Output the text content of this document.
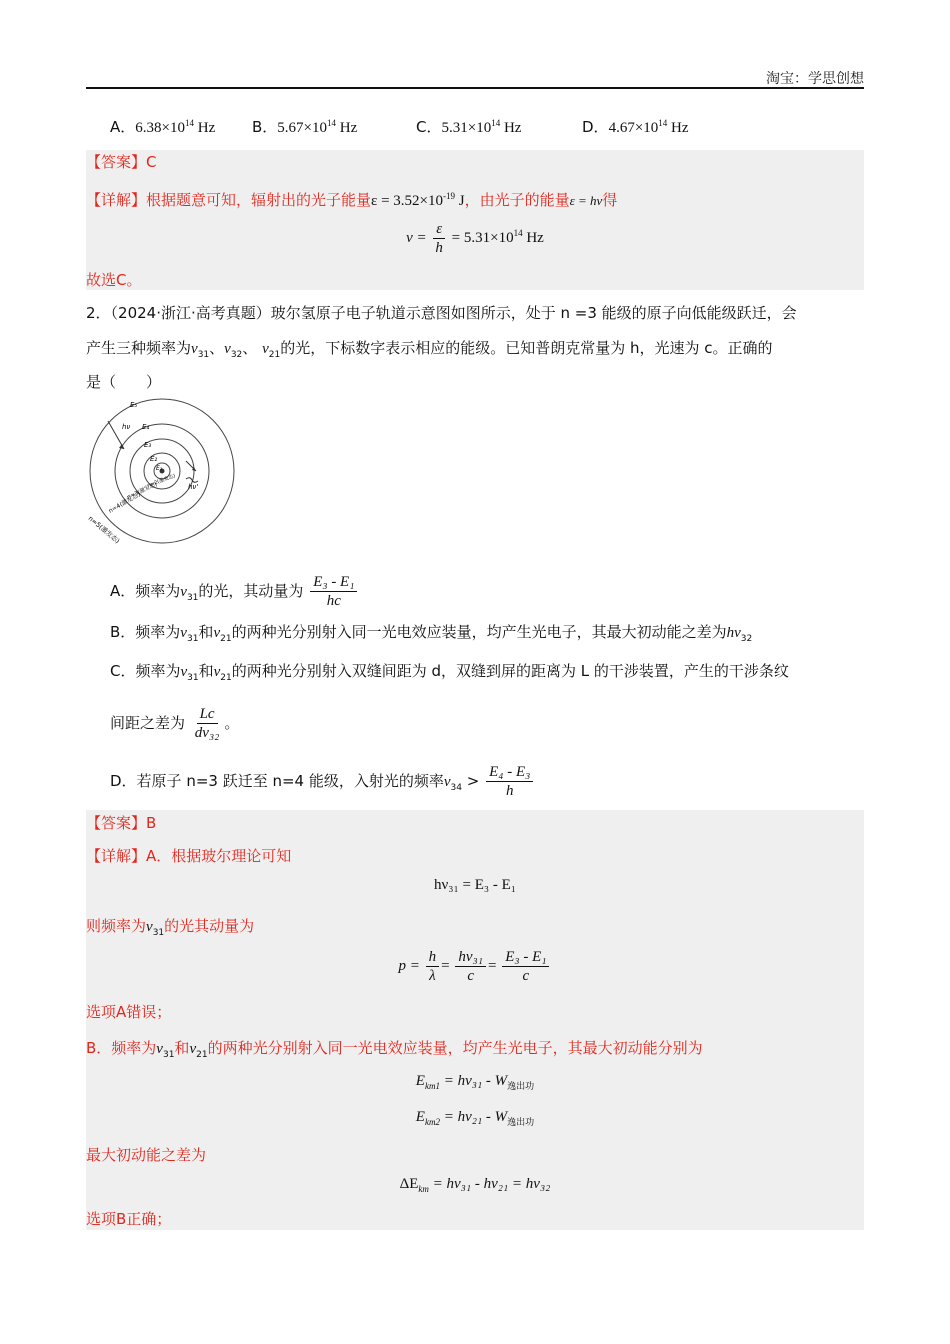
淘宝：学思创想
A．$6.38\times 10^{14}$ Hz B．$5.67\times 10^{14}$ Hz	C．$5.31\times 10^{14}$ Hz	D．$4.67\times 10^{14}$ Hz
【答案】C
【详解】根据题意可知，辐射出的光子能量$\varepsilon = 3.52\times 10^{-19}$ J，由光子的能量ε = hν得
$\nu = \frac{\varepsilon}{h} = 5.31\times 10^{14}$ Hz
故选C。
2．（2024·浙江·高考真题）玻尔氢原子电子轨道示意图如图所示，处于 n =3 能级的原子向低能级跃迁，会
产生三种频率为$\nu_{31}$、$\nu_{32}$、 $\nu_{21}$的光，下标数字表示相应的能级。已知普朗克常量为 h，光速为 c。正确的
是（　　）
E₅
hν E₄
E₃
E₂
E₁
hν'
n=2(激发态)
n=3(激发态)
n=4(激发态)
n=5(激发态)
A．频率为$\nu_{31}$的光，其动量为 $\frac{\text{E₃ - E₁}}{hc}$
B．频率为$\nu_{31}$和$\nu_{21}$的两种光分别射入同一光电效应装量，均产生光电子，其最大初动能之差为$h\nu_{32}$
C．频率为$\nu_{31}$和$\nu_{21}$的两种光分别射入双缝间距为 d，双缝到屏的距离为 L 的干涉装置，产生的干涉条纹
间距之差为 $\frac{Lc}{\text{dν₃₂}}$ 。
D．若原子 n=3 跃迁至 n=4 能级，入射光的频率$\nu_{34} > \frac{\text{E₄ - E₃}}{h}$
【答案】B
【详解】A．根据玻尔理论可知
hν₃₁ = E₃ - E₁
则频率为$\nu_{31}$的光其动量为
$p = \frac{h}{\lambda} = \frac{\text{hν₃₁}}{c} = \frac{\text{E₃ - E₁}}{c}$
选项A错误；
B．频率为$\nu_{31}$和$\nu_{21}$的两种光分别射入同一光电效应装量，均产生光电子，其最大初动能分别为
$E_{km1} = h\nu_{31} - W_{逸出功}$
$E_{km2} = h\nu_{21} - W_{逸出功}$
最大初动能之差为
$\Delta E_{km} = h\nu_{31} - h\nu_{21} = h\nu_{32}$
选项B正确；
